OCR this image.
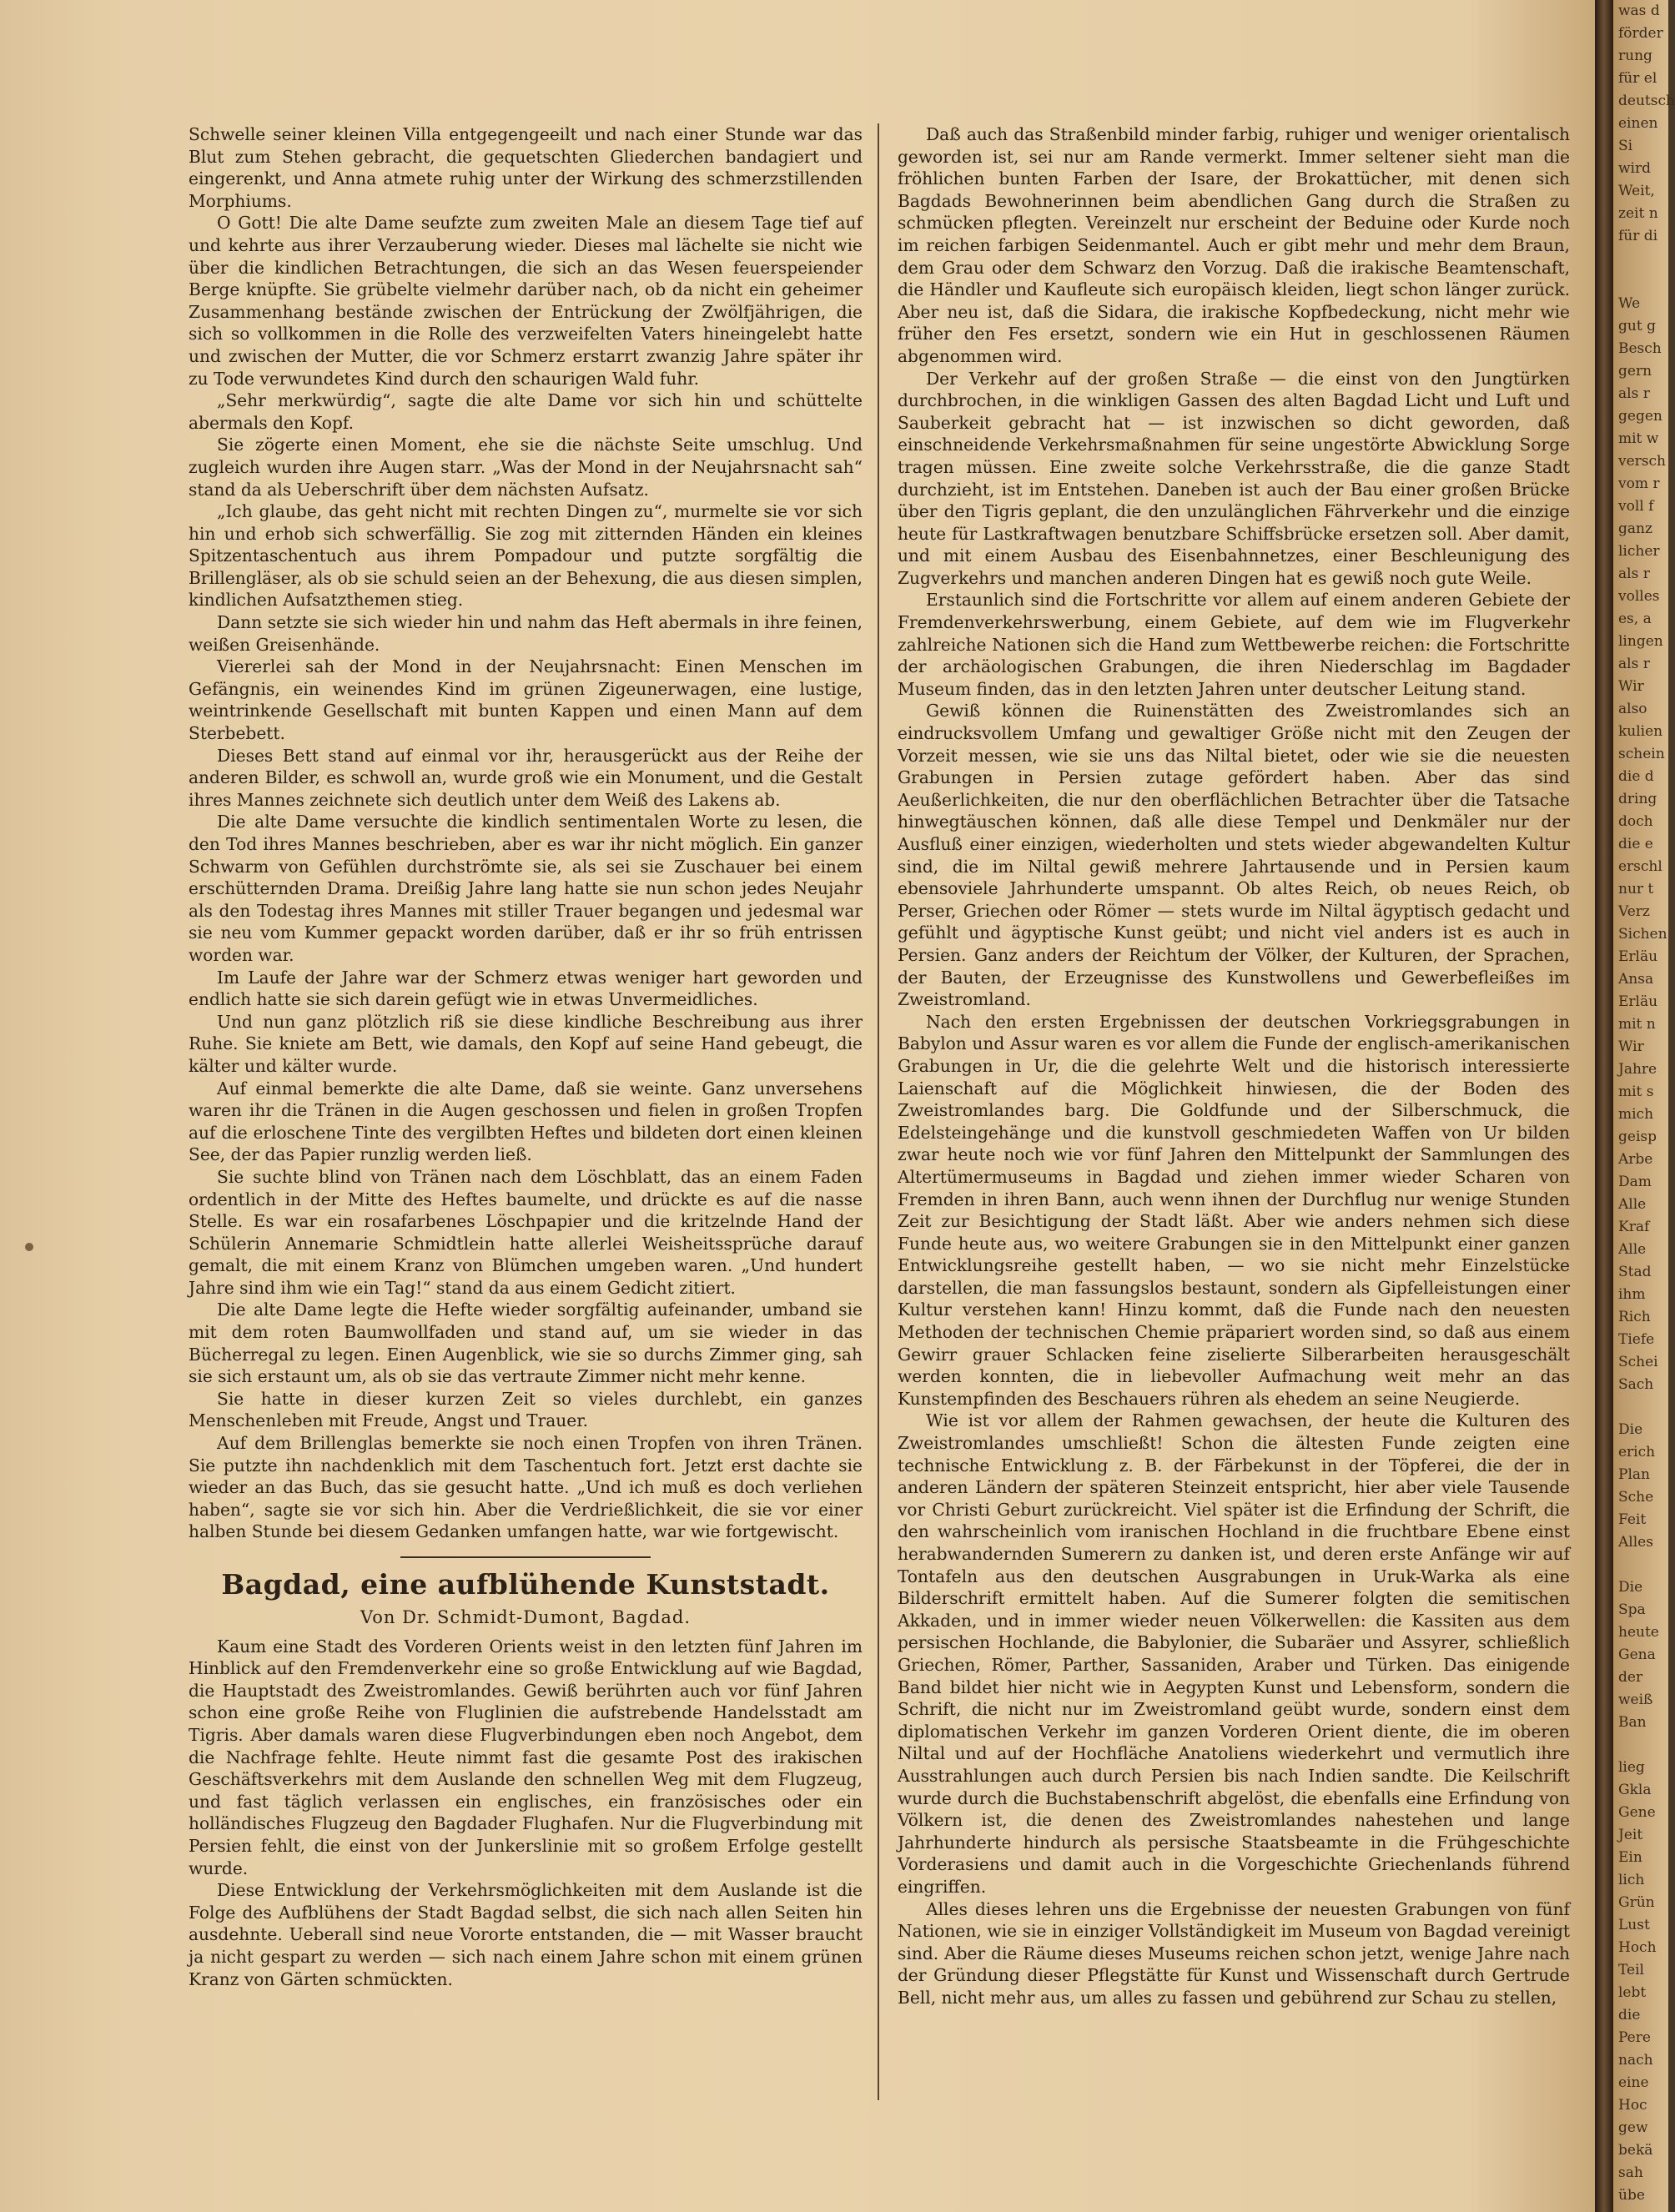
Schwelle seiner kleinen Villa entgegengeeilt und nach einer Stunde war das Blut zum Stehen gebracht, die gequetschten Gliederchen bandagiert und eingerenkt, und Anna atmete ruhig unter der Wirkung des schmerzstillenden Morphiums.

O Gott! Die alte Dame seufzte zum zweiten Male an diesem Tage tief auf und kehrte aus ihrer Verzauberung wieder. Dieses mal lächelte sie nicht wie über die kindlichen Betrachtungen, die sich an das Wesen feuerspeiender Berge knüpfte. Sie grübelte vielmehr darüber nach, ob da nicht ein geheimer Zusammenhang bestände zwischen der Entrückung der Zwölfjährigen, die sich so vollkommen in die Rolle des verzweifelten Vaters hineingelebt hatte und zwischen der Mutter, die vor Schmerz erstarrt zwanzig Jahre später ihr zu Tode verwundetes Kind durch den schaurigen Wald fuhr.

„Sehr merkwürdig“, sagte die alte Dame vor sich hin und schüttelte abermals den Kopf.

Sie zögerte einen Moment, ehe sie die nächste Seite umschlug. Und zugleich wurden ihre Augen starr. „Was der Mond in der Neujahrsnacht sah“ stand da als Ueberschrift über dem nächsten Aufsatz.

„Ich glaube, das geht nicht mit rechten Dingen zu“, murmelte sie vor sich hin und erhob sich schwerfällig. Sie zog mit zitternden Händen ein kleines Spitzentaschentuch aus ihrem Pompadour und putzte sorgfältig die Brillengläser, als ob sie schuld seien an der Behexung, die aus diesen simplen, kindlichen Aufsatzthemen stieg.

Dann setzte sie sich wieder hin und nahm das Heft abermals in ihre feinen, weißen Greisenhände.

Viererlei sah der Mond in der Neujahrsnacht: Einen Menschen im Gefängnis, ein weinendes Kind im grünen Zigeunerwagen, eine lustige, weintrinkende Gesellschaft mit bunten Kappen und einen Mann auf dem Sterbebett.

Dieses Bett stand auf einmal vor ihr, herausgerückt aus der Reihe der anderen Bilder, es schwoll an, wurde groß wie ein Monument, und die Gestalt ihres Mannes zeichnete sich deutlich unter dem Weiß des Lakens ab.

Die alte Dame versuchte die kindlich sentimentalen Worte zu lesen, die den Tod ihres Mannes beschrieben, aber es war ihr nicht möglich. Ein ganzer Schwarm von Gefühlen durchströmte sie, als sei sie Zuschauer bei einem erschütternden Drama. Dreißig Jahre lang hatte sie nun schon jedes Neujahr als den Todestag ihres Mannes mit stiller Trauer begangen und jedesmal war sie neu vom Kummer gepackt worden darüber, daß er ihr so früh entrissen worden war.

Im Laufe der Jahre war der Schmerz etwas weniger hart geworden und endlich hatte sie sich darein gefügt wie in etwas Unvermeidliches.

Und nun ganz plötzlich riß sie diese kindliche Beschreibung aus ihrer Ruhe. Sie kniete am Bett, wie damals, den Kopf auf seine Hand gebeugt, die kälter und kälter wurde.

Auf einmal bemerkte die alte Dame, daß sie weinte. Ganz unversehens waren ihr die Tränen in die Augen geschossen und fielen in großen Tropfen auf die erloschene Tinte des vergilbten Heftes und bildeten dort einen kleinen See, der das Papier runzlig werden ließ.

Sie suchte blind von Tränen nach dem Löschblatt, das an einem Faden ordentlich in der Mitte des Heftes baumelte, und drückte es auf die nasse Stelle. Es war ein rosafarbenes Löschpapier und die kritzelnde Hand der Schülerin Annemarie Schmidtlein hatte allerlei Weisheitssprüche darauf gemalt, die mit einem Kranz von Blümchen umgeben waren. „Und hundert Jahre sind ihm wie ein Tag!“ stand da aus einem Gedicht zitiert.

Die alte Dame legte die Hefte wieder sorgfältig aufeinander, umband sie mit dem roten Baumwollfaden und stand auf, um sie wieder in das Bücherregal zu legen. Einen Augenblick, wie sie so durchs Zimmer ging, sah sie sich erstaunt um, als ob sie das vertraute Zimmer nicht mehr kenne.

Sie hatte in dieser kurzen Zeit so vieles durchlebt, ein ganzes Menschenleben mit Freude, Angst und Trauer.

Auf dem Brillenglas bemerkte sie noch einen Tropfen von ihren Tränen. Sie putzte ihn nachdenklich mit dem Taschentuch fort. Jetzt erst dachte sie wieder an das Buch, das sie gesucht hatte. „Und ich muß es doch verliehen haben“, sagte sie vor sich hin. Aber die Verdrießlichkeit, die sie vor einer halben Stunde bei diesem Gedanken umfangen hatte, war wie fortgewischt.

Bagdad, eine aufblühende Kunststadt.
Von Dr. Schmidt-Dumont, Bagdad.

Kaum eine Stadt des Vorderen Orients weist in den letzten fünf Jahren im Hinblick auf den Fremdenverkehr eine so große Entwicklung auf wie Bagdad, die Hauptstadt des Zweistromlandes. Gewiß berührten auch vor fünf Jahren schon eine große Reihe von Fluglinien die aufstrebende Handelsstadt am Tigris. Aber damals waren diese Flugverbindungen eben noch Angebot, dem die Nachfrage fehlte. Heute nimmt fast die gesamte Post des irakischen Geschäftsverkehrs mit dem Auslande den schnellen Weg mit dem Flugzeug, und fast täglich verlassen ein englisches, ein französisches oder ein holländisches Flugzeug den Bagdader Flughafen. Nur die Flugverbindung mit Persien fehlt, die einst von der Junkerslinie mit so großem Erfolge gestellt wurde.

Diese Entwicklung der Verkehrsmöglichkeiten mit dem Auslande ist die Folge des Aufblühens der Stadt Bagdad selbst, die sich nach allen Seiten hin ausdehnte. Ueberall sind neue Vororte entstanden, die — mit Wasser braucht ja nicht gespart zu werden — sich nach einem Jahre schon mit einem grünen Kranz von Gärten schmückten.

Daß auch das Straßenbild minder farbig, ruhiger und weniger orientalisch geworden ist, sei nur am Rande vermerkt. Immer seltener sieht man die fröhlichen bunten Farben der Isare, der Brokattücher, mit denen sich Bagdads Bewohnerinnen beim abendlichen Gang durch die Straßen zu schmücken pflegten. Vereinzelt nur erscheint der Beduine oder Kurde noch im reichen farbigen Seidenmantel. Auch er gibt mehr und mehr dem Braun, dem Grau oder dem Schwarz den Vorzug. Daß die irakische Beamtenschaft, die Händler und Kaufleute sich europäisch kleiden, liegt schon länger zurück. Aber neu ist, daß die Sidara, die irakische Kopfbedeckung, nicht mehr wie früher den Fes ersetzt, sondern wie ein Hut in geschlossenen Räumen abgenommen wird.

Der Verkehr auf der großen Straße — die einst von den Jungtürken durchbrochen, in die winkligen Gassen des alten Bagdad Licht und Luft und Sauberkeit gebracht hat — ist inzwischen so dicht geworden, daß einschneidende Verkehrsmaßnahmen für seine ungestörte Abwicklung Sorge tragen müssen. Eine zweite solche Verkehrsstraße, die die ganze Stadt durchzieht, ist im Entstehen. Daneben ist auch der Bau einer großen Brücke über den Tigris geplant, die den unzulänglichen Fährverkehr und die einzige heute für Lastkraftwagen benutzbare Schiffsbrücke ersetzen soll. Aber damit, und mit einem Ausbau des Eisenbahnnetzes, einer Beschleunigung des Zugverkehrs und manchen anderen Dingen hat es gewiß noch gute Weile.

Erstaunlich sind die Fortschritte vor allem auf einem anderen Gebiete der Fremdenverkehrswerbung, einem Gebiete, auf dem wie im Flugverkehr zahlreiche Nationen sich die Hand zum Wettbewerbe reichen: die Fortschritte der archäologischen Grabungen, die ihren Niederschlag im Bagdader Museum finden, das in den letzten Jahren unter deutscher Leitung stand.

Gewiß können die Ruinenstätten des Zweistromlandes sich an eindrucksvollem Umfang und gewaltiger Größe nicht mit den Zeugen der Vorzeit messen, wie sie uns das Niltal bietet, oder wie sie die neuesten Grabungen in Persien zutage gefördert haben. Aber das sind Aeußerlichkeiten, die nur den oberflächlichen Betrachter über die Tatsache hinwegtäuschen können, daß alle diese Tempel und Denkmäler nur der Ausfluß einer einzigen, wiederholten und stets wieder abgewandelten Kultur sind, die im Niltal gewiß mehrere Jahrtausende und in Persien kaum ebensoviele Jahrhunderte umspannt. Ob altes Reich, ob neues Reich, ob Perser, Griechen oder Römer — stets wurde im Niltal ägyptisch gedacht und gefühlt und ägyptische Kunst geübt; und nicht viel anders ist es auch in Persien. Ganz anders der Reichtum der Völker, der Kulturen, der Sprachen, der Bauten, der Erzeugnisse des Kunstwollens und Gewerbefleißes im Zweistromland.

Nach den ersten Ergebnissen der deutschen Vorkriegsgrabungen in Babylon und Assur waren es vor allem die Funde der englisch-amerikanischen Grabungen in Ur, die die gelehrte Welt und die historisch interessierte Laienschaft auf die Möglichkeit hinwiesen, die der Boden des Zweistromlandes barg. Die Goldfunde und der Silberschmuck, die Edelsteingehänge und die kunstvoll geschmiedeten Waffen von Ur bilden zwar heute noch wie vor fünf Jahren den Mittelpunkt der Sammlungen des Altertümermuseums in Bagdad und ziehen immer wieder Scharen von Fremden in ihren Bann, auch wenn ihnen der Durchflug nur wenige Stunden Zeit zur Besichtigung der Stadt läßt. Aber wie anders nehmen sich diese Funde heute aus, wo weitere Grabungen sie in den Mittelpunkt einer ganzen Entwicklungsreihe gestellt haben, — wo sie nicht mehr Einzelstücke darstellen, die man fassungslos bestaunt, sondern als Gipfelleistungen einer Kultur verstehen kann! Hinzu kommt, daß die Funde nach den neuesten Methoden der technischen Chemie präpariert worden sind, so daß aus einem Gewirr grauer Schlacken feine ziselierte Silberarbeiten herausgeschält werden konnten, die in liebevoller Aufmachung weit mehr an das Kunstempfinden des Beschauers rühren als ehedem an seine Neugierde.

Wie ist vor allem der Rahmen gewachsen, der heute die Kulturen des Zweistromlandes umschließt! Schon die ältesten Funde zeigten eine technische Entwicklung z. B. der Färbekunst in der Töpferei, die der in anderen Ländern der späteren Steinzeit entspricht, hier aber viele Tausende vor Christi Geburt zurückreicht. Viel später ist die Erfindung der Schrift, die den wahrscheinlich vom iranischen Hochland in die fruchtbare Ebene einst herabwandernden Sumerern zu danken ist, und deren erste Anfänge wir auf Tontafeln aus den deutschen Ausgrabungen in Uruk-Warka als eine Bilderschrift ermittelt haben. Auf die Sumerer folgten die semitischen Akkaden, und in immer wieder neuen Völkerwellen: die Kassiten aus dem persischen Hochlande, die Babylonier, die Subaräer und Assyrer, schließlich Griechen, Römer, Parther, Sassaniden, Araber und Türken. Das einigende Band bildet hier nicht wie in Aegypten Kunst und Lebensform, sondern die Schrift, die nicht nur im Zweistromland geübt wurde, sondern einst dem diplomatischen Verkehr im ganzen Vorderen Orient diente, die im oberen Niltal und auf der Hochfläche Anatoliens wiederkehrt und vermutlich ihre Ausstrahlungen auch durch Persien bis nach Indien sandte. Die Keilschrift wurde durch die Buchstabenschrift abgelöst, die ebenfalls eine Erfindung von Völkern ist, die denen des Zweistromlandes nahestehen und lange Jahrhunderte hindurch als persische Staatsbeamte in die Frühgeschichte Vorderasiens und damit auch in die Vorgeschichte Griechenlands führend eingriffen.

Alles dieses lehren uns die Ergebnisse der neuesten Grabungen von fünf Nationen, wie sie in einziger Vollständigkeit im Museum von Bagdad vereinigt sind. Aber die Räume dieses Museums reichen schon jetzt, wenige Jahre nach der Gründung dieser Pflegstätte für Kunst und Wissenschaft durch Gertrude Bell, nicht mehr aus, um alles zu fassen und gebührend zur Schau zu stellen,

was d
förder
rung
für el
deutsch
einen
Si
wird
Weit,
zeit n
für di
We
gut g
Besch
gern
als r
gegen
mit w
versch
vom r
voll f
ganz
licher
als r
volles
es, a
lingen
als r
Wir
also
kulien
schein
die d
dring
doch
die e
erschl
nur t
Verz
Sichen
Erläu
Ansa
Erläu
mit n
Wir
Jahre
mit s
mich
geisp
Arbe
Dam
Alle
Kraf
Alle
Stad
ihm
Rich
Tiefe
Schei
Sach
Die
erich
Plan
Sche
Feit
Alles
Die
Spa
heute
Gena
der
weiß
Ban
lieg
Gkla
Gene
Jeit
Ein
lich
Grün
Lust
Hoch
Teil
lebt
die
Pere
nach
eine
Hoc
gew
bekä
sah
übe
